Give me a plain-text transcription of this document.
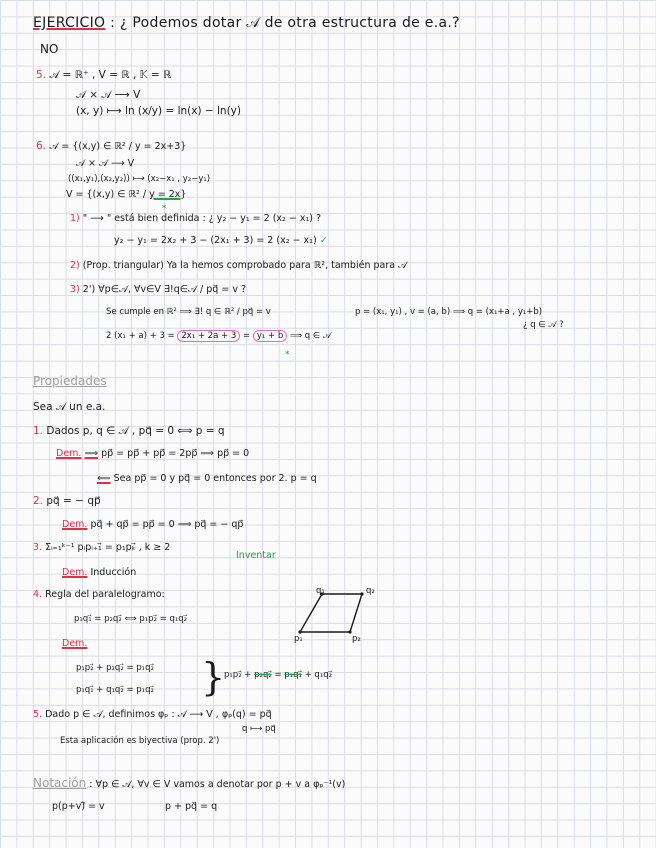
EJERCICIO : ¿ Podemos dotar 𝒜 de otra estructura de e.a.?
NO
5. 𝒜 = ℝ⁺ , V = ℝ , 𝕂 = ℝ
𝒜 × 𝒜 ⟶ V
(x, y) ⟼ ln (x/y) = ln(x) − ln(y)
6. 𝒜 = {(x,y) ∈ ℝ² / y = 2x+3}
𝒜 × 𝒜 ⟶ V
((x₁,y₁),(x₂,y₂)) ⟼ (x₂−x₁ , y₂−y₁)
V = {(x,y) ∈ ℝ² / y = 2x}
*
1) " ⟶ " está bien definida : ¿ y₂ − y₁ = 2 (x₂ − x₁) ?
y₂ − y₁ = 2x₂ + 3 − (2x₁ + 3) = 2 (x₂ − x₁) ✓
2) (Prop. triangular) Ya la hemos comprobado para ℝ², también para 𝒜
3) 2') ∀p∈𝒜, ∀v∈V ∃!q∈𝒜 / pq⃗ = v ?
Se cumple en ℝ² ⟹ ∃! q ∈ ℝ² / pq⃗ = v	p = (x₁, y₁) , v = (a, b) ⟹ q = (x₁+a , y₁+b)
¿ q ∈ 𝒜 ?
2 (x₁ + a) + 3 = 2x₁ + 2a + 3 = y₁ + b ⟹ q ∈ 𝒜
*
Propiedades
Sea 𝒜 un e.a.
1. Dados p, q ∈ 𝒜 , pq⃗ = 0 ⟺ p = q
Dem. ⟹ pp⃗ = pp⃗ + pp⃗ = 2pp⃗ ⟹ pp⃗ = 0
⟸ Sea pp⃗ = 0 y pq⃗ = 0 entonces por 2. p = q
2. pq⃗ = − qp⃗
Dem. pq⃗ + qp⃗ = pp⃗ = 0 ⟹ pq⃗ = − qp⃗
3. Σᵢ₌₁ᵏ⁻¹ pᵢpᵢ₊₁⃗ = p₁pₖ⃗ , k ≥ 2
Inventar
Dem. Inducción
4. Regla del paralelogramo:
p₁q₁⃗ = p₂q₂⃗ ⟺ p₁p₂⃗ = q₁q₂⃗
q₁	q₂
p₁	p₂
Dem.
p₁p₂⃗ + p₂q₂⃗ = p₁q₂⃗
p₁q₁⃗ + q₁q₂⃗ = p₁q₂⃗ }
p₁p₂⃗ + p₂q₂⃗ = p₁q₁⃗ + q₁q₂⃗
5. Dado p ∈ 𝒜, definimos φₚ : 𝒜 ⟶ V , φₚ(q) = pq⃗
q ⟼ pq⃗
Esta aplicación es biyectiva (prop. 2')
Notación : ∀p ∈ 𝒜, ∀v ∈ V vamos a denotar por p + v a φₚ⁻¹(v)
p(p+v)⃗ = v	p + pq⃗ = q
